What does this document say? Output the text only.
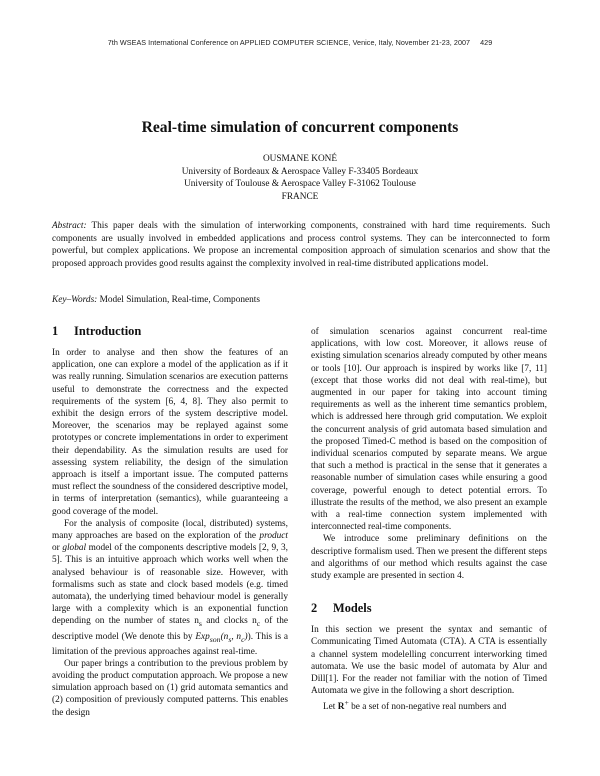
7th WSEAS International Conference on APPLIED COMPUTER SCIENCE, Venice, Italy, November 21-23, 2007 429
Real-time simulation of concurrent components
OUSMANE KONÉ
University of Bordeaux & Aerospace Valley F-33405 Bordeaux
University of Toulouse & Aerospace Valley F-31062 Toulouse
FRANCE
Abstract: This paper deals with the simulation of interworking components, constrained with hard time requirements. Such components are usually involved in embedded applications and process control systems. They can be interconnected to form powerful, but complex applications. We propose an incremental composition approach of simulation scenarios and show that the proposed approach provides good results against the complexity involved in real-time distributed applications model.
Key–Words: Model Simulation, Real-time, Components
1 Introduction

In order to analyse and then show the features of an application, one can explore a model of the application as if it was really running. Simulation scenarios are execution patterns useful to demonstrate the correctness and the expected requirements of the system [6, 4, 8]. They also permit to exhibit the design errors of the system descriptive model. Moreover, the scenarios may be replayed against some prototypes or concrete implementations in order to experiment their dependability. As the simulation results are used for assessing system reliability, the design of the simulation approach is itself a important issue. The computed patterns must reflect the soundness of the considered descriptive model, in terms of interpretation (semantics), while guaranteeing a good coverage of the model.

For the analysis of composite (local, distributed) systems, many approaches are based on the exploration of the product or global model of the components descriptive models [2, 9, 3, 5]. This is an intuitive approach which works well when the analysed behaviour is of reasonable size. However, with formalisms such as state and clock based models (e.g. timed automata), the underlying timed behaviour model is generally large with a complexity which is an exponential function depending on the number of states $n_s$ and clocks $n_c$ of the descriptive model (We denote this by $Exp_{son}(n_s$, $n_c$)). This is a limitation of the previous approaches against real-time.

Our paper brings a contribution to the previous problem by avoiding the product computation approach. We propose a new simulation approach based on (1) grid automata semantics and (2) composition of previously computed patterns. This enables the design

of simulation scenarios against concurrent real-time applications, with low cost. Moreover, it allows reuse of existing simulation scenarios already computed by other means or tools [10]. Our approach is inspired by works like [7, 11] (except that those works did not deal with real-time), but augmented in our paper for taking into account timing requirements as well as the inherent time semantics problem, which is addressed here through grid computation. We exploit the concurrent analysis of grid automata based simulation and the proposed Timed-C method is based on the composition of individual scenarios computed by separate means. We argue that such a method is practical in the sense that it generates a reasonable number of simulation cases while ensuring a good coverage, powerful enough to detect potential errors. To illustrate the results of the method, we also present an example with a real-time connection system implemented with interconnected real-time components.

We introduce some preliminary definitions on the descriptive formalism used. Then we present the different steps and algorithms of our method which results against the case study example are presented in section 4.

2 Models

In this section we present the syntax and semantic of Communicating Timed Automata (CTA). A CTA is essentially a channel system modelelling concurrent interworking timed automata. We use the basic model of automata by Alur and Dill[1]. For the reader not familiar with the notion of Timed Automata we give in the following a short description.

Let R+ be a set of non-negative real numbers and
